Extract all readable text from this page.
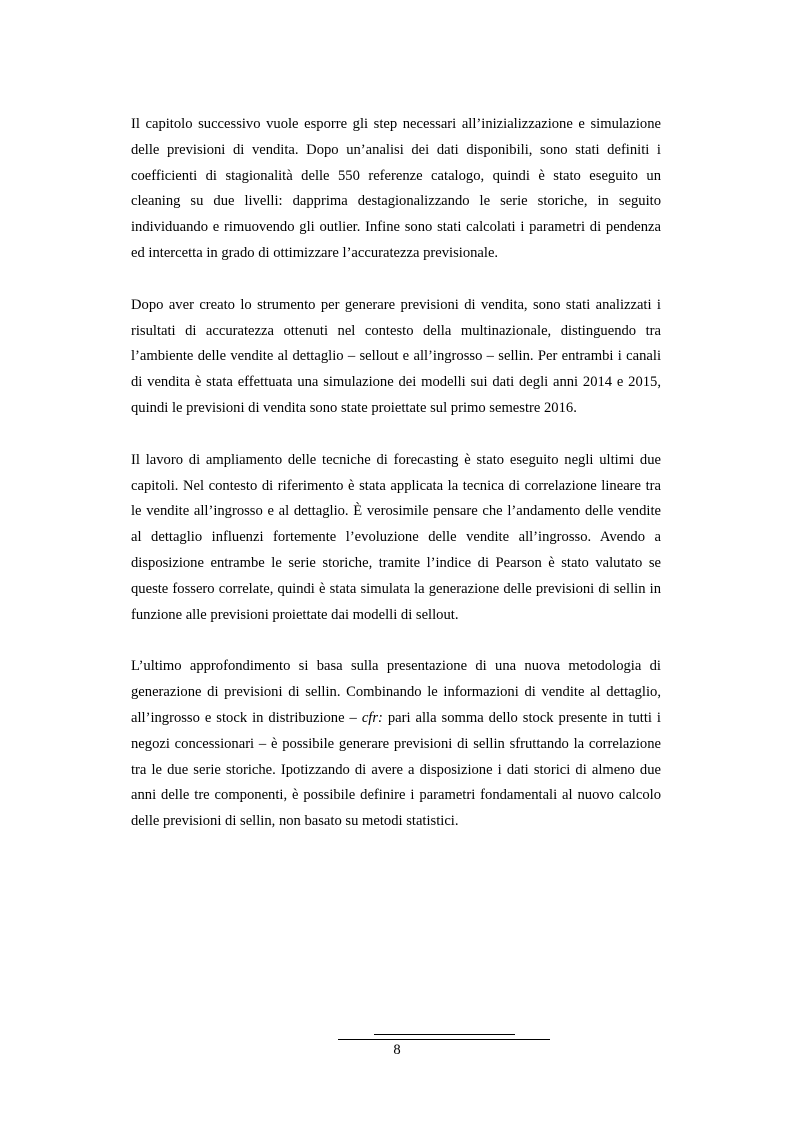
Il capitolo successivo vuole esporre gli step necessari all’inizializzazione e simulazione delle previsioni di vendita. Dopo un’analisi dei dati disponibili, sono stati definiti i coefficienti di stagionalità delle 550 referenze catalogo, quindi è stato eseguito un cleaning su due livelli: dapprima destagionalizzando le serie storiche, in seguito individuando e rimuovendo gli outlier. Infine sono stati calcolati i parametri di pendenza ed intercetta in grado di ottimizzare l’accuratezza previsionale.

Dopo aver creato lo strumento per generare previsioni di vendita, sono stati analizzati i risultati di accuratezza ottenuti nel contesto della multinazionale, distinguendo tra l’ambiente delle vendite al dettaglio – sellout e all’ingrosso – sellin. Per entrambi i canali di vendita è stata effettuata una simulazione dei modelli sui dati degli anni 2014 e 2015, quindi le previsioni di vendita sono state proiettate sul primo semestre 2016.

Il lavoro di ampliamento delle tecniche di forecasting è stato eseguito negli ultimi due capitoli. Nel contesto di riferimento è stata applicata la tecnica di correlazione lineare tra le vendite all’ingrosso e al dettaglio. È verosimile pensare che l’andamento delle vendite al dettaglio influenzi fortemente l’evoluzione delle vendite all’ingrosso. Avendo a disposizione entrambe le serie storiche, tramite l’indice di Pearson è stato valutato se queste fossero correlate, quindi è stata simulata la generazione delle previsioni di sellin in funzione alle previsioni proiettate dai modelli di sellout.

L’ultimo approfondimento si basa sulla presentazione di una nuova metodologia di generazione di previsioni di sellin. Combinando le informazioni di vendite al dettaglio, all’ingrosso e stock in distribuzione – cfr: pari alla somma dello stock presente in tutti i negozi concessionari – è possibile generare previsioni di sellin sfruttando la correlazione tra le due serie storiche. Ipotizzando di avere a disposizione i dati storici di almeno due anni delle tre componenti, è possibile definire i parametri fondamentali al nuovo calcolo delle previsioni di sellin, non basato su metodi statistici.

8
